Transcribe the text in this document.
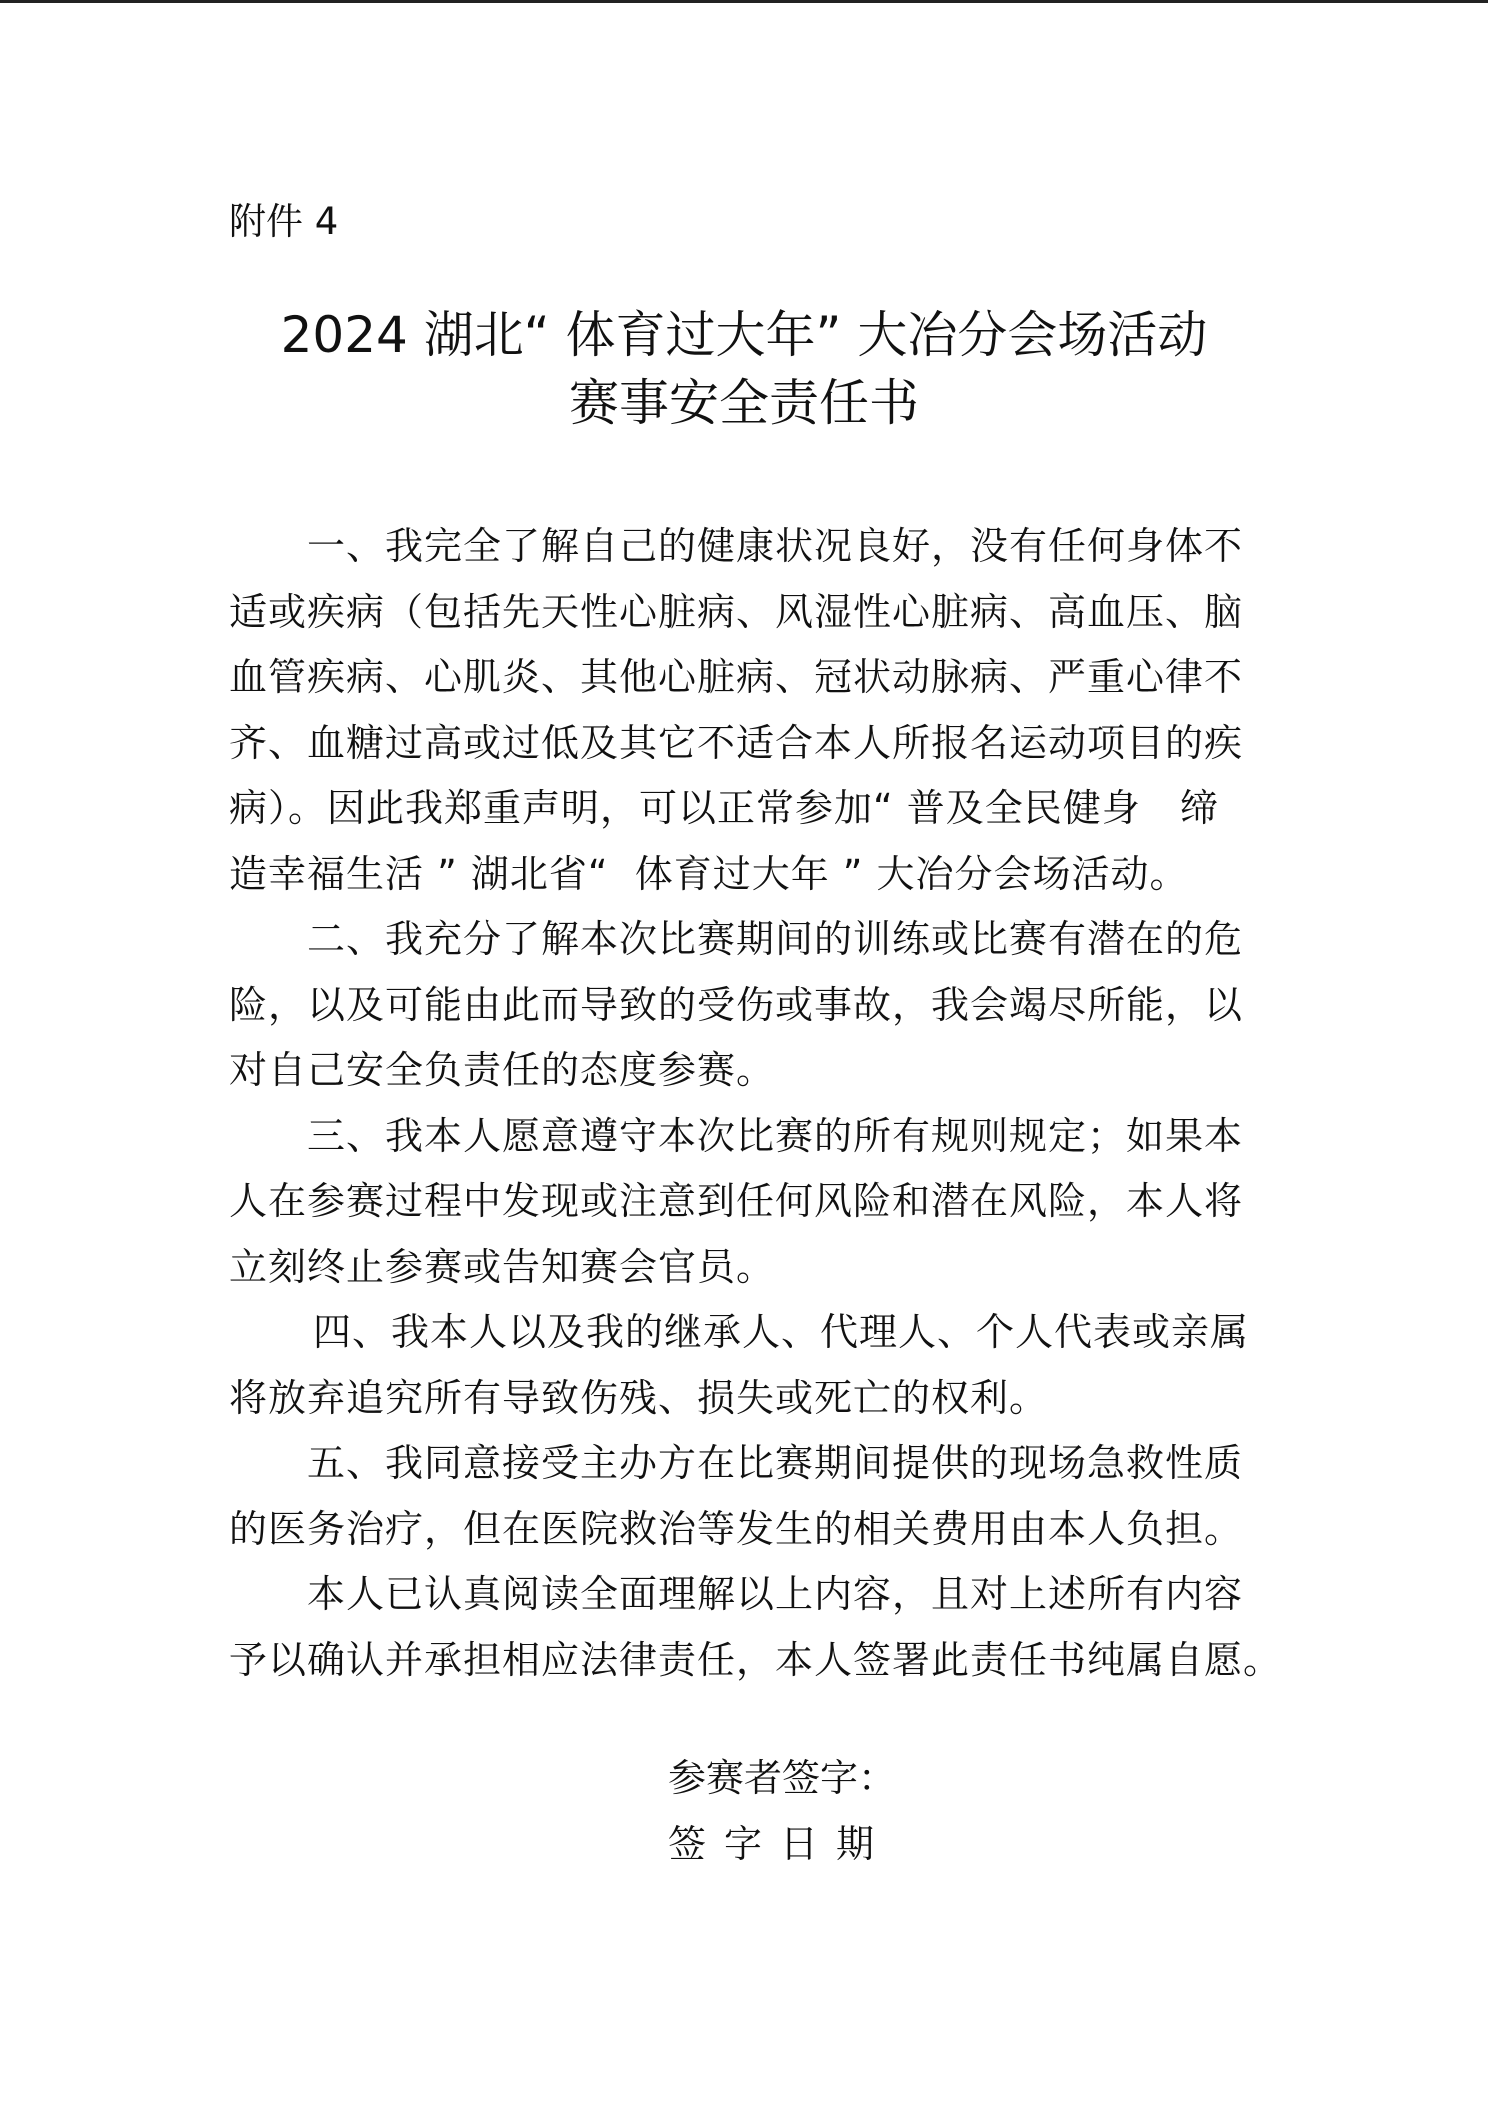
附件 4
2024 湖北“ 体育过大年” 大冶分会场活动
赛事安全责任书
一、我完全了解自己的健康状况良好，没有任何身体不
适或疾病（包括先天性心脏病、风湿性心脏病、高血压、脑
血管疾病、心肌炎、其他心脏病、冠状动脉病、严重心律不
齐、血糖过高或过低及其它不适合本人所报名运动项目的疾
病）。因此我郑重声明，可以正常参加“ 普及全民健身   缔
造幸福生活 ” 湖北省“  体育过大年 ” 大冶分会场活动。
二、我充分了解本次比赛期间的训练或比赛有潜在的危
险，以及可能由此而导致的受伤或事故，我会竭尽所能，以
对自己安全负责任的态度参赛。
三、我本人愿意遵守本次比赛的所有规则规定；如果本
人在参赛过程中发现或注意到任何风险和潜在风险，本人将
立刻终止参赛或告知赛会官员。
四、我本人以及我的继承人、代理人、个人代表或亲属
将放弃追究所有导致伤残、损失或死亡的权利。
五、我同意接受主办方在比赛期间提供的现场急救性质
的医务治疗，但在医院救治等发生的相关费用由本人负担。
本人已认真阅读全面理解以上内容，且对上述所有内容
予以确认并承担相应法律责任，本人签署此责任书纯属自愿。
参赛者签字：
签字日期
